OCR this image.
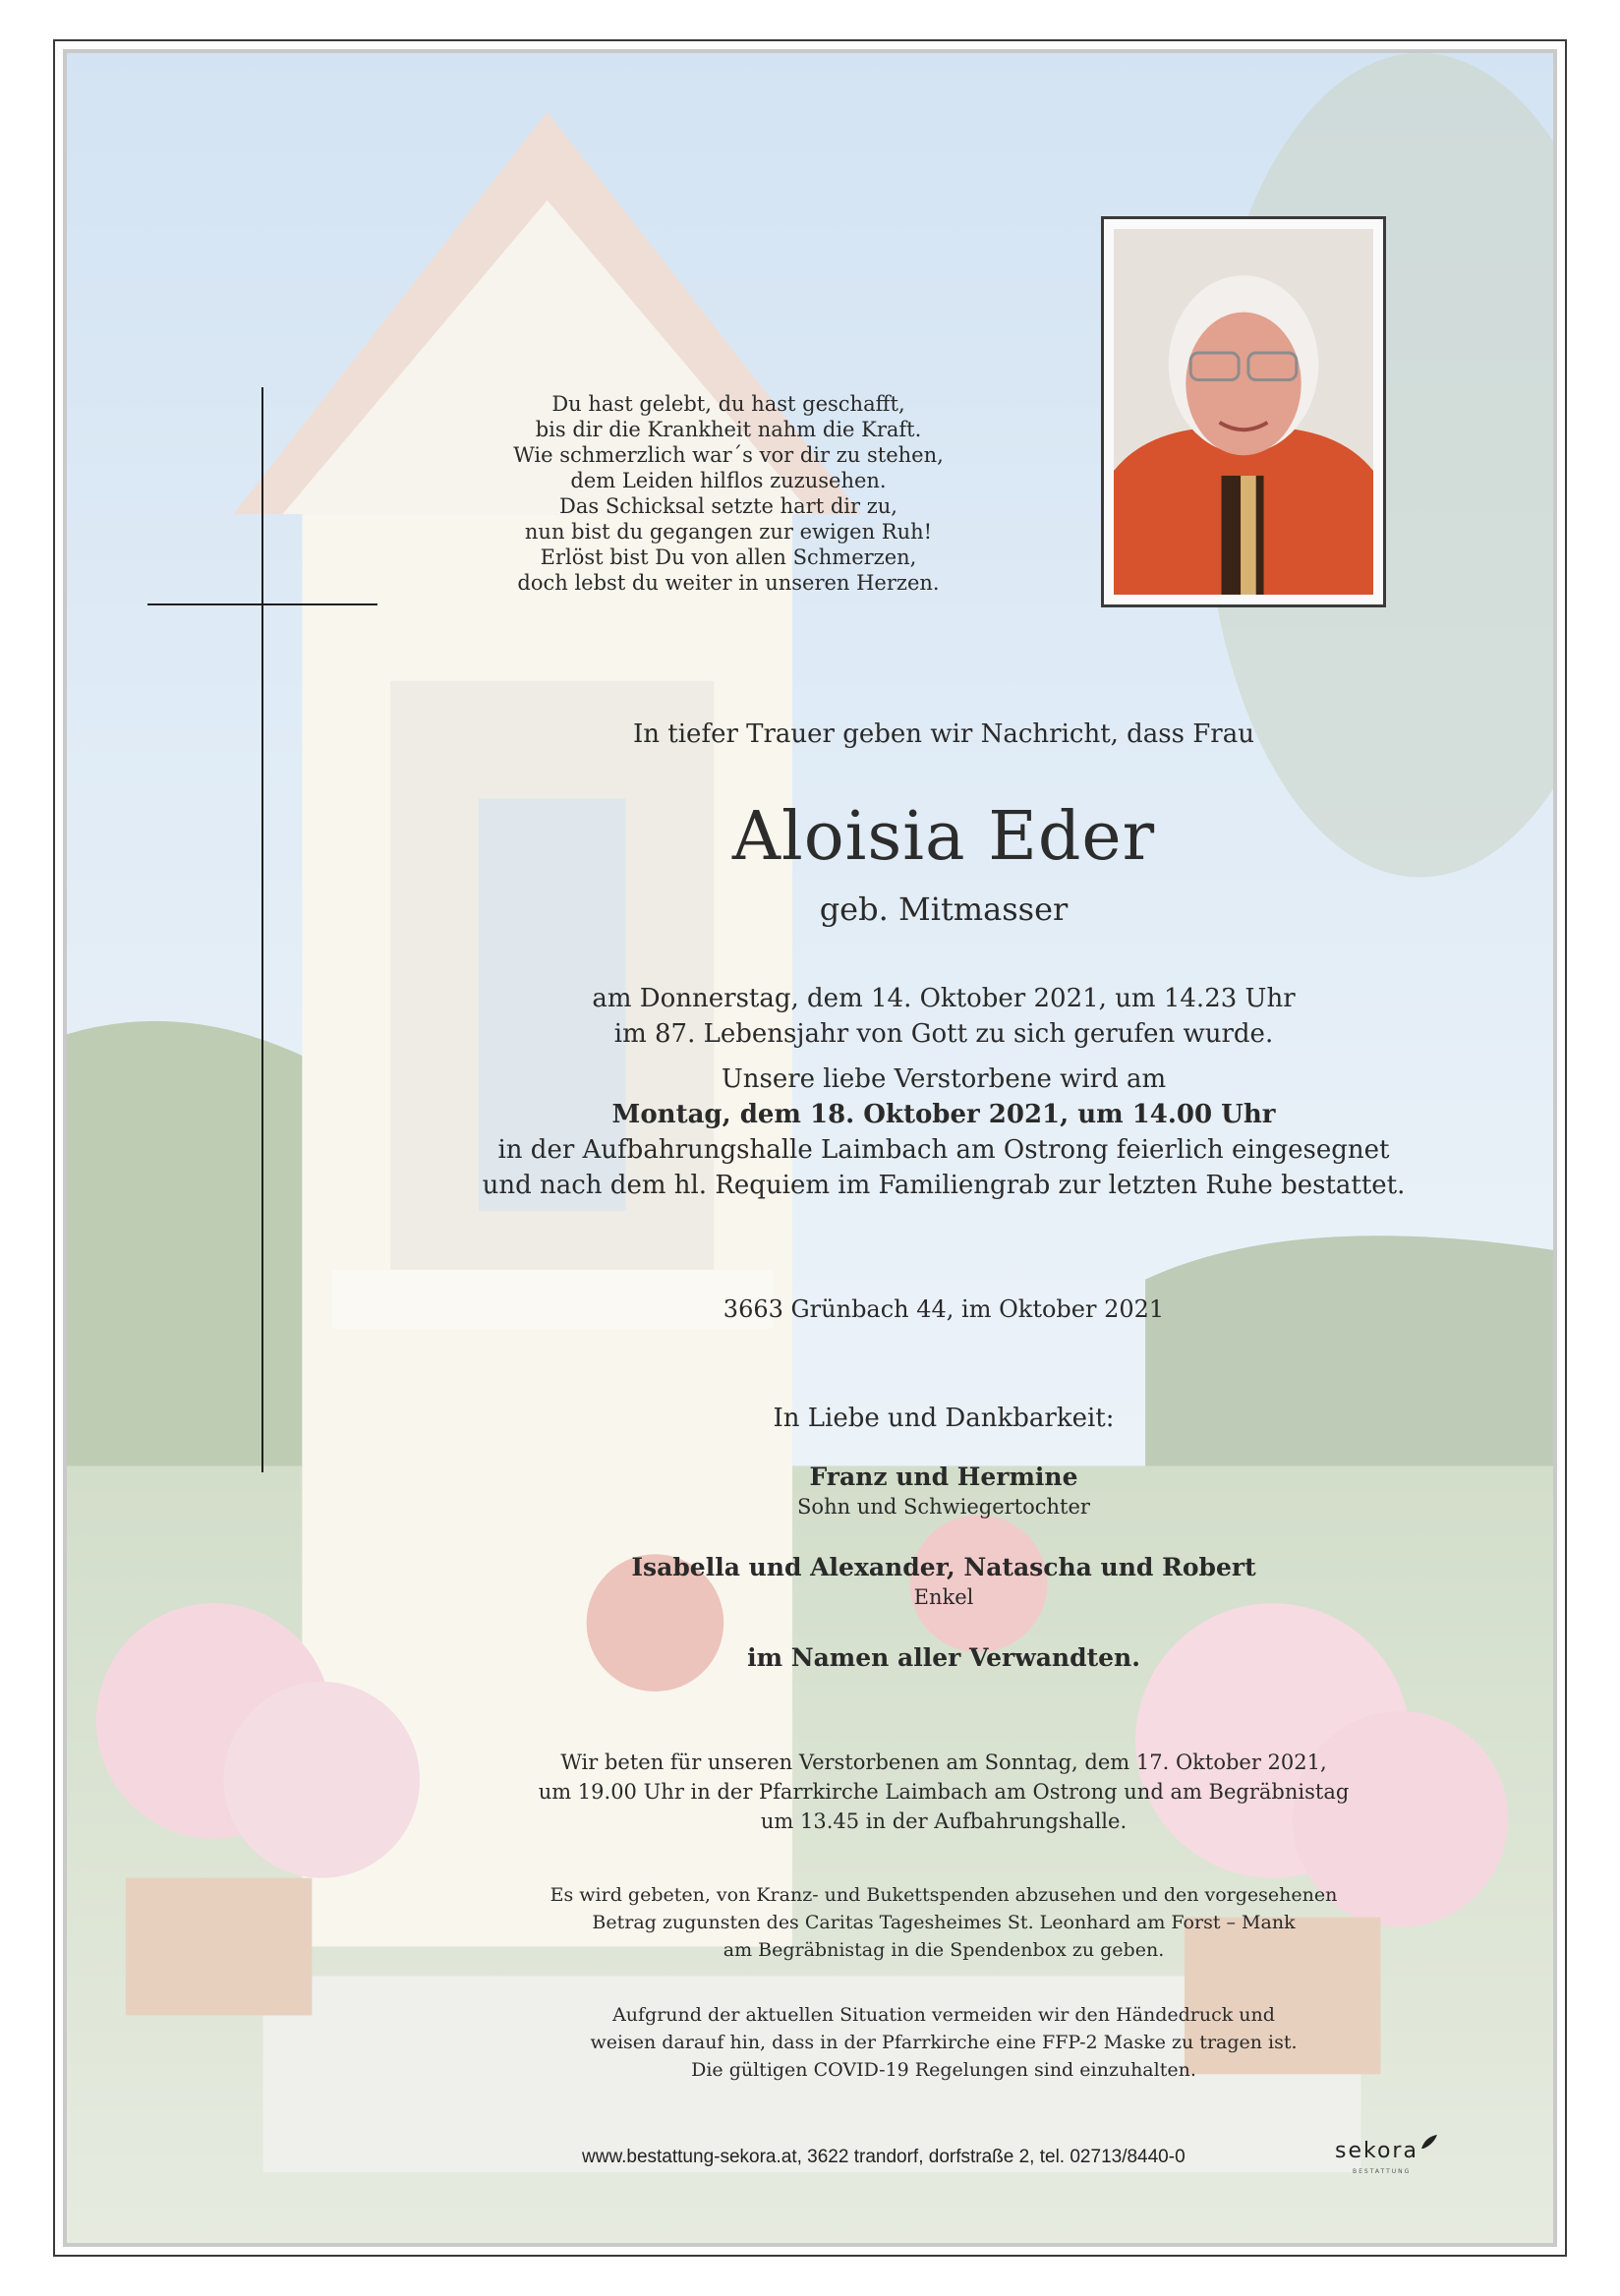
Du hast gelebt, du hast geschafft,
bis dir die Krankheit nahm die Kraft.
Wie schmerzlich war´s vor dir zu stehen,
dem Leiden hilflos zuzusehen.
Das Schicksal setzte hart dir zu,
nun bist du gegangen zur ewigen Ruh!
Erlöst bist Du von allen Schmerzen,
doch lebst du weiter in unseren Herzen.
In tiefer Trauer geben wir Nachricht, dass Frau
Aloisia Eder
geb. Mitmasser
am Donnerstag, dem 14. Oktober 2021, um 14.23 Uhr
im 87. Lebensjahr von Gott zu sich gerufen wurde.
Unsere liebe Verstorbene wird am
Montag, dem 18. Oktober 2021, um 14.00 Uhr
in der Aufbahrungshalle Laimbach am Ostrong feierlich eingesegnet
und nach dem hl. Requiem im Familiengrab zur letzten Ruhe bestattet.
3663 Grünbach 44, im Oktober 2021
In Liebe und Dankbarkeit:
Franz und Hermine
Sohn und Schwiegertochter
Isabella und Alexander, Natascha und Robert
Enkel
im Namen aller Verwandten.
Wir beten für unseren Verstorbenen am Sonntag, dem 17. Oktober 2021,
um 19.00 Uhr in der Pfarrkirche Laimbach am Ostrong und am Begräbnistag
um 13.45 in der Aufbahrungshalle.
Es wird gebeten, von Kranz- und Bukettspenden abzusehen und den vorgesehenen
Betrag zugunsten des Caritas Tagesheimes St. Leonhard am Forst – Mank
am Begräbnistag in die Spendenbox zu geben.
Aufgrund der aktuellen Situation vermeiden wir den Händedruck und
weisen darauf hin, dass in der Pfarrkirche eine FFP-2 Maske zu tragen ist.
Die gültigen COVID-19 Regelungen sind einzuhalten.
www.bestattung-sekora.at, 3622 trandorf, dorfstraße 2, tel. 02713/8440-0	sekora
BESTATTUNG
